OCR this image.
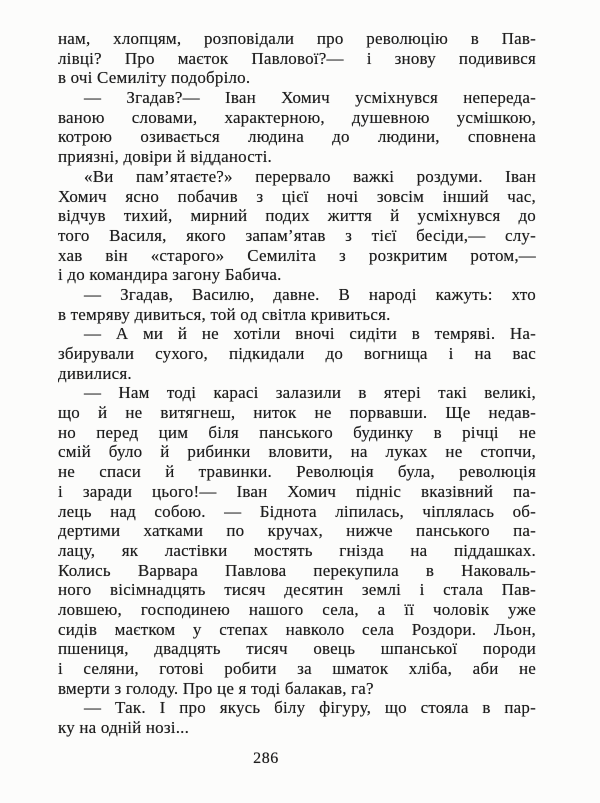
нам, хлопцям, розповідали про революцію в Пав-
лівці? Про маєток Павлової?— і знову подивився
в очі Семиліту подобріло.
— Згадав?— Іван Хомич усміхнувся непереда-
ваною словами, характерною, душевною усмішкою,
котрою озивається людина до людини, сповнена
приязні, довіри й відданості.
«Ви пам’ятаєте?» перервало важкі роздуми. Іван
Хомич ясно побачив з цієї ночі зовсім інший час,
відчув тихий, мирний подих життя й усміхнувся до
того Василя, якого запам’ятав з тієї бесіди,— слу-
хав він «старого» Семиліта з розкритим ротом,—
і до командира загону Бабича.
— Згадав, Василю, давне. В народі кажуть: хто
в темряву дивиться, той од світла кривиться.
— А ми й не хотіли вночі сидіти в темряві. На-
збирували сухого, підкидали до вогнища і на вас
дивилися.
— Нам тоді карасі залазили в ятері такі великі,
що й не витягнеш, ниток не порвавши. Ще недав-
но перед цим біля панського будинку в річці не
смій було й рибинки вловити, на луках не стопчи,
не спаси й травинки. Революція була, революція
і заради цього!— Іван Хомич підніс вказівний па-
лець над собою. — Біднота ліпилась, чіплялась об-
дертими хатками по кручах, нижче панського па-
лацу, як ластівки мостять гнізда на піддашках.
Колись Варвара Павлова перекупила в Наковаль-
ного вісімнадцять тисяч десятин землі і стала Пав-
ловшею, господинею нашого села, а її чоловік уже
сидів маєтком у степах навколо села Роздори. Льон,
пшениця, двадцять тисяч овець шпанської породи
і селяни, готові робити за шматок хліба, аби не
вмерти з голоду. Про це я тоді балакав, га?
— Так. І про якусь білу фігуру, що стояла в пар-
ку на одній нозі...
286
